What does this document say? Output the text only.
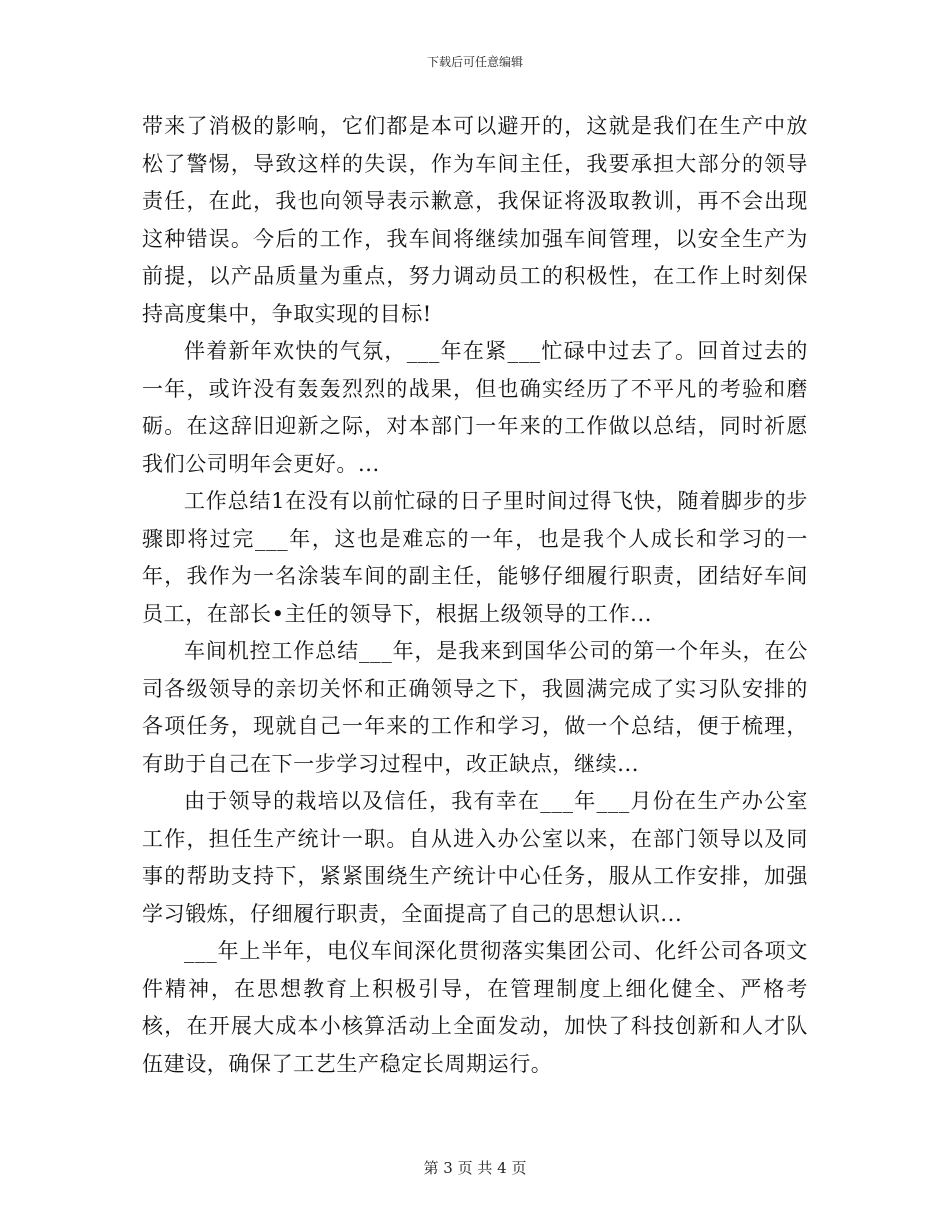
下载后可任意编辑

带来了消极的影响，它们都是本可以避开的，这就是我们在生产中放松了警惕，导致这样的失误，作为车间主任，我要承担大部分的领导责任，在此，我也向领导表示歉意，我保证将汲取教训，再不会出现这种错误。今后的工作，我车间将继续加强车间管理，以安全生产为前提，以产品质量为重点，努力调动员工的积极性，在工作上时刻保持高度集中，争取实现的目标!

伴着新年欢快的气氛，___年在紧___忙碌中过去了。回首过去的一年，或许没有轰轰烈烈的战果，但也确实经历了不平凡的考验和磨砺。在这辞旧迎新之际，对本部门一年来的工作做以总结，同时祈愿我们公司明年会更好。...

工作总结1在没有以前忙碌的日子里时间过得飞快，随着脚步的步骤即将过完___年，这也是难忘的一年，也是我个人成长和学习的一年，我作为一名涂装车间的副主任，能够仔细履行职责，团结好车间员工，在部长•主任的领导下，根据上级领导的工作...

车间机控工作总结___年，是我来到国华公司的第一个年头，在公司各级领导的亲切关怀和正确领导之下，我圆满完成了实习队安排的各项任务，现就自己一年来的工作和学习，做一个总结，便于梳理，有助于自己在下一步学习过程中，改正缺点，继续...

由于领导的栽培以及信任，我有幸在___年___月份在生产办公室工作，担任生产统计一职。自从进入办公室以来，在部门领导以及同事的帮助支持下，紧紧围绕生产统计中心任务，服从工作安排，加强学习锻炼，仔细履行职责，全面提高了自己的思想认识...

___年上半年，电仪车间深化贯彻落实集团公司、化纤公司各项文件精神，在思想教育上积极引导，在管理制度上细化健全、严格考核，在开展大成本小核算活动上全面发动，加快了科技创新和人才队伍建设，确保了工艺生产稳定长周期运行。

第 3 页 共 4 页
